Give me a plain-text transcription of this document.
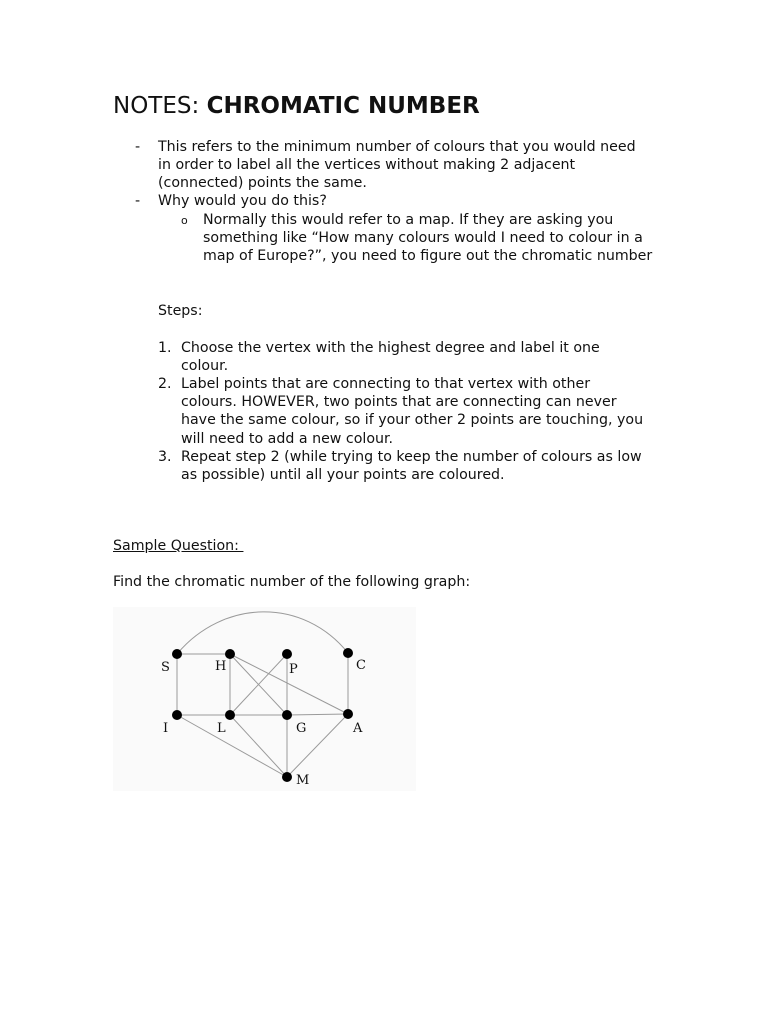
NOTES: CHROMATIC NUMBER
- This refers to the minimum number of colours that you would need in order to label all the vertices without making 2 adjacent (connected) points the same.
- Why would you do this?
o Normally this would refer to a map. If they are asking you something like “How many colours would I need to colour in a map of Europe?”, you need to figure out the chromatic number
Steps:
1. Choose the vertex with the highest degree and label it one colour.
2. Label points that are connecting to that vertex with other colours. HOWEVER, two points that are connecting can never have the same colour, so if your other 2 points are touching, you will need to add a new colour.
3. Repeat step 2 (while trying to keep the number of colours as low as possible) until all your points are coloured.
Sample Question:
Find the chromatic number of the following graph:
S	H	P	C
I	L	G	A
M
